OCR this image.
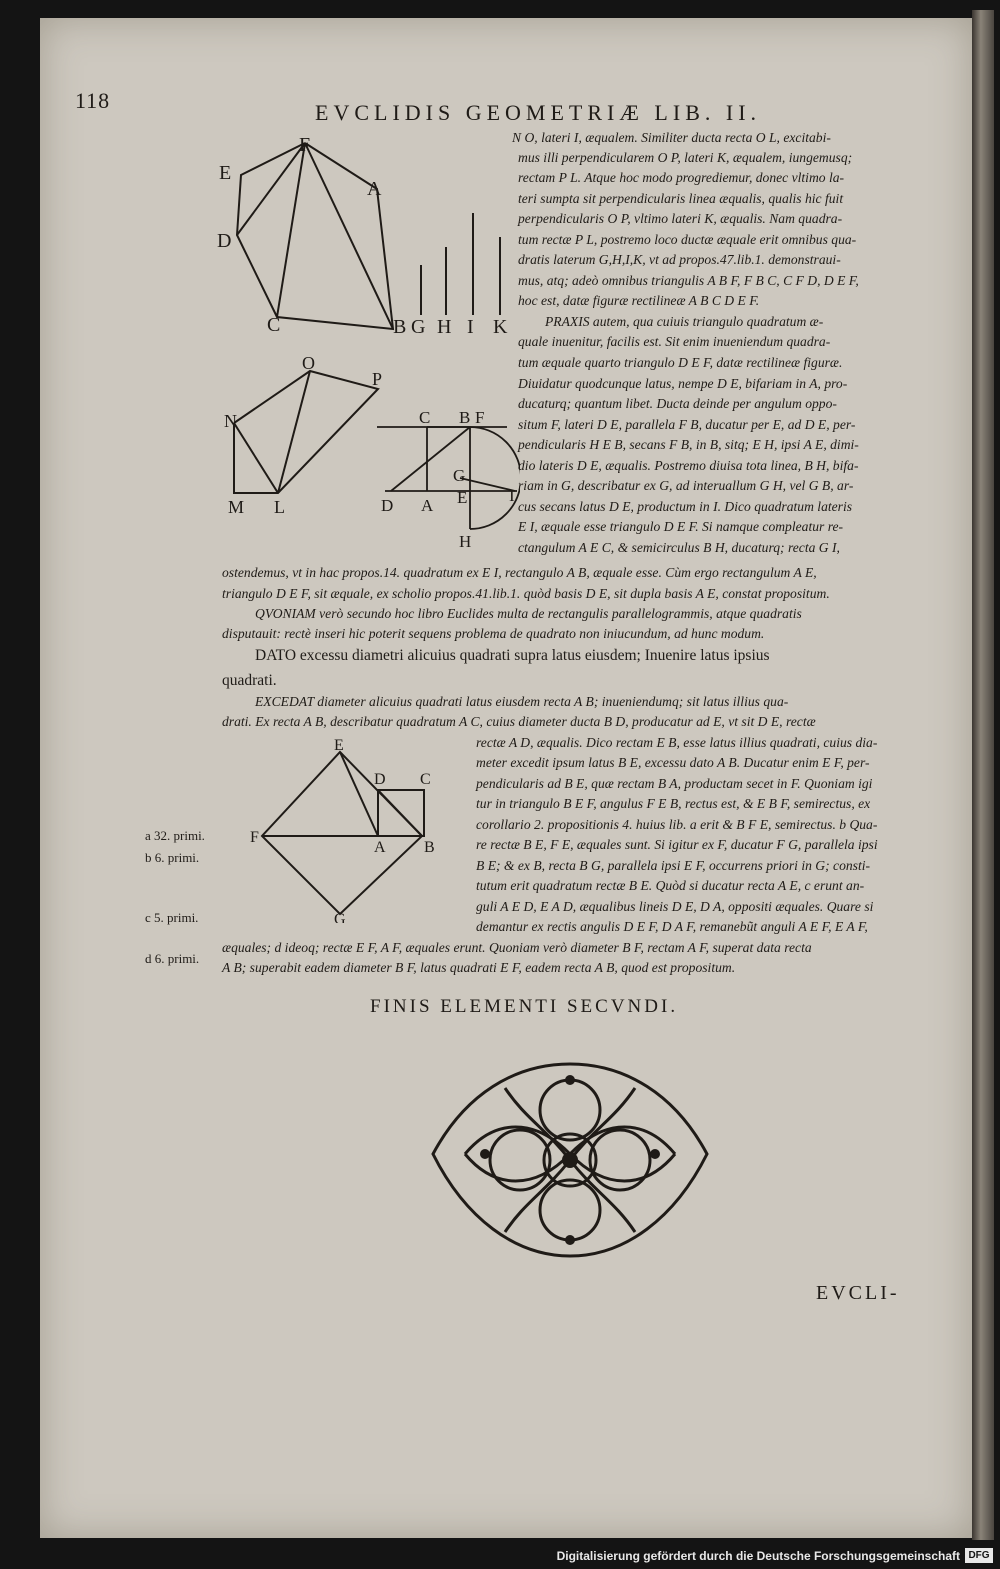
118	EVCLIDIS GEOMETRIÆ LIB. II.
F
E
A
D
C	B G H I K
O
P
N
M L
C B F
G
D A E I
H
E
D C
F
A B
G
N O, lateri I, æqualem. Similiter ducta recta O L, excitabi-
mus illi perpendicularem O P, lateri K, æqualem, iungemusq;
rectam P L. Atque hoc modo progrediemur, donec vltimo la-
teri sumpta sit perpendicularis linea æqualis, qualis hic fuit
perpendicularis O P, vltimo lateri K, æqualis. Nam quadra-
tum rectæ P L, postremo loco ductæ æquale erit omnibus qua-
dratis laterum G,H,I,K, vt ad propos.47.lib.1. demonstraui-
mus, atq; adeò omnibus triangulis A B F, F B C, C F D, D E F,
hoc est, datæ figuræ rectilineæ A B C D E F.
PRAXIS autem, qua cuiuis triangulo quadratum æ-
quale inuenitur, facilis est. Sit enim inueniendum quadra-
tum æquale quarto triangulo D E F, datæ rectilineæ figuræ.
Diuidatur quodcunque latus, nempe D E, bifariam in A, pro-
ducaturq; quantum libet. Ducta deinde per angulum oppo-
situm F, lateri D E, parallela F B, ducatur per E, ad D E, per-
pendicularis H E B, secans F B, in B, sitq; E H, ipsi A E, dimi-
dio lateris D E, æqualis. Postremo diuisa tota linea, B H, bifa-
riam in G, describatur ex G, ad interuallum G H, vel G B, ar-
cus secans latus D E, productum in I. Dico quadratum lateris
E I, æquale esse triangulo D E F. Si namque compleatur re-
ctangulum A E C, & semicirculus B H, ducaturq; recta G I,
ostendemus, vt in hac propos.14. quadratum ex E I, rectangulo A B, æquale esse. Cùm ergo rectangulum A E,
triangulo D E F, sit æquale, ex scholio propos.41.lib.1. quòd basis D E, sit dupla basis A E, constat propositum.
QVONIAM verò secundo hoc libro Euclides multa de rectangulis parallelogrammis, atque quadratis
disputauit: rectè inseri hic poterit sequens problema de quadrato non iniucundum, ad hunc modum.
DATO excessu diametri alicuius quadrati supra latus eiusdem; Inuenire latus ipsius
quadrati.
EXCEDAT diameter alicuius quadrati latus eiusdem recta A B; inueniendumq; sit latus illius qua-
drati. Ex recta A B, describatur quadratum A C, cuius diameter ducta B D, producatur ad E, vt sit D E, rectæ
rectæ A D, æqualis. Dico rectam E B, esse latus illius quadrati, cuius dia-
meter excedit ipsum latus B E, excessu dato A B. Ducatur enim E F, per-
pendicularis ad B E, quæ rectam B A, productam secet in F. Quoniam igi
tur in triangulo B E F, angulus F E B, rectus est, & E B F, semirectus, ex
corollario 2. propositionis 4. huius lib. a erit & B F E, semirectus. b Qua-
re rectæ B E, F E, æquales sunt. Si igitur ex F, ducatur F G, parallela ipsi
B E; & ex B, recta B G, parallela ipsi E F, occurrens priori in G; consti-
tutum erit quadratum rectæ B E. Quòd si ducatur recta A E, c erunt an-
guli A E D, E A D, æqualibus lineis D E, D A, oppositi æquales. Quare si
demantur ex rectis angulis D E F, D A F, remanebũt anguli A E F, E A F,
æquales; d ideoq; rectæ E F, A F, æquales erunt. Quoniam verò diameter B F, rectam A F, superat data recta
A B; superabit eadem diameter B F, latus quadrati E F, eadem recta A B, quod est propositum.
a 32. primi.
b 6. primi.
c 5. primi.
d 6. primi.
FINIS ELEMENTI SECVNDI.
EVCLI-
Digitalisierung gefördert durch die Deutsche Forschungsgemeinschaft DFG
